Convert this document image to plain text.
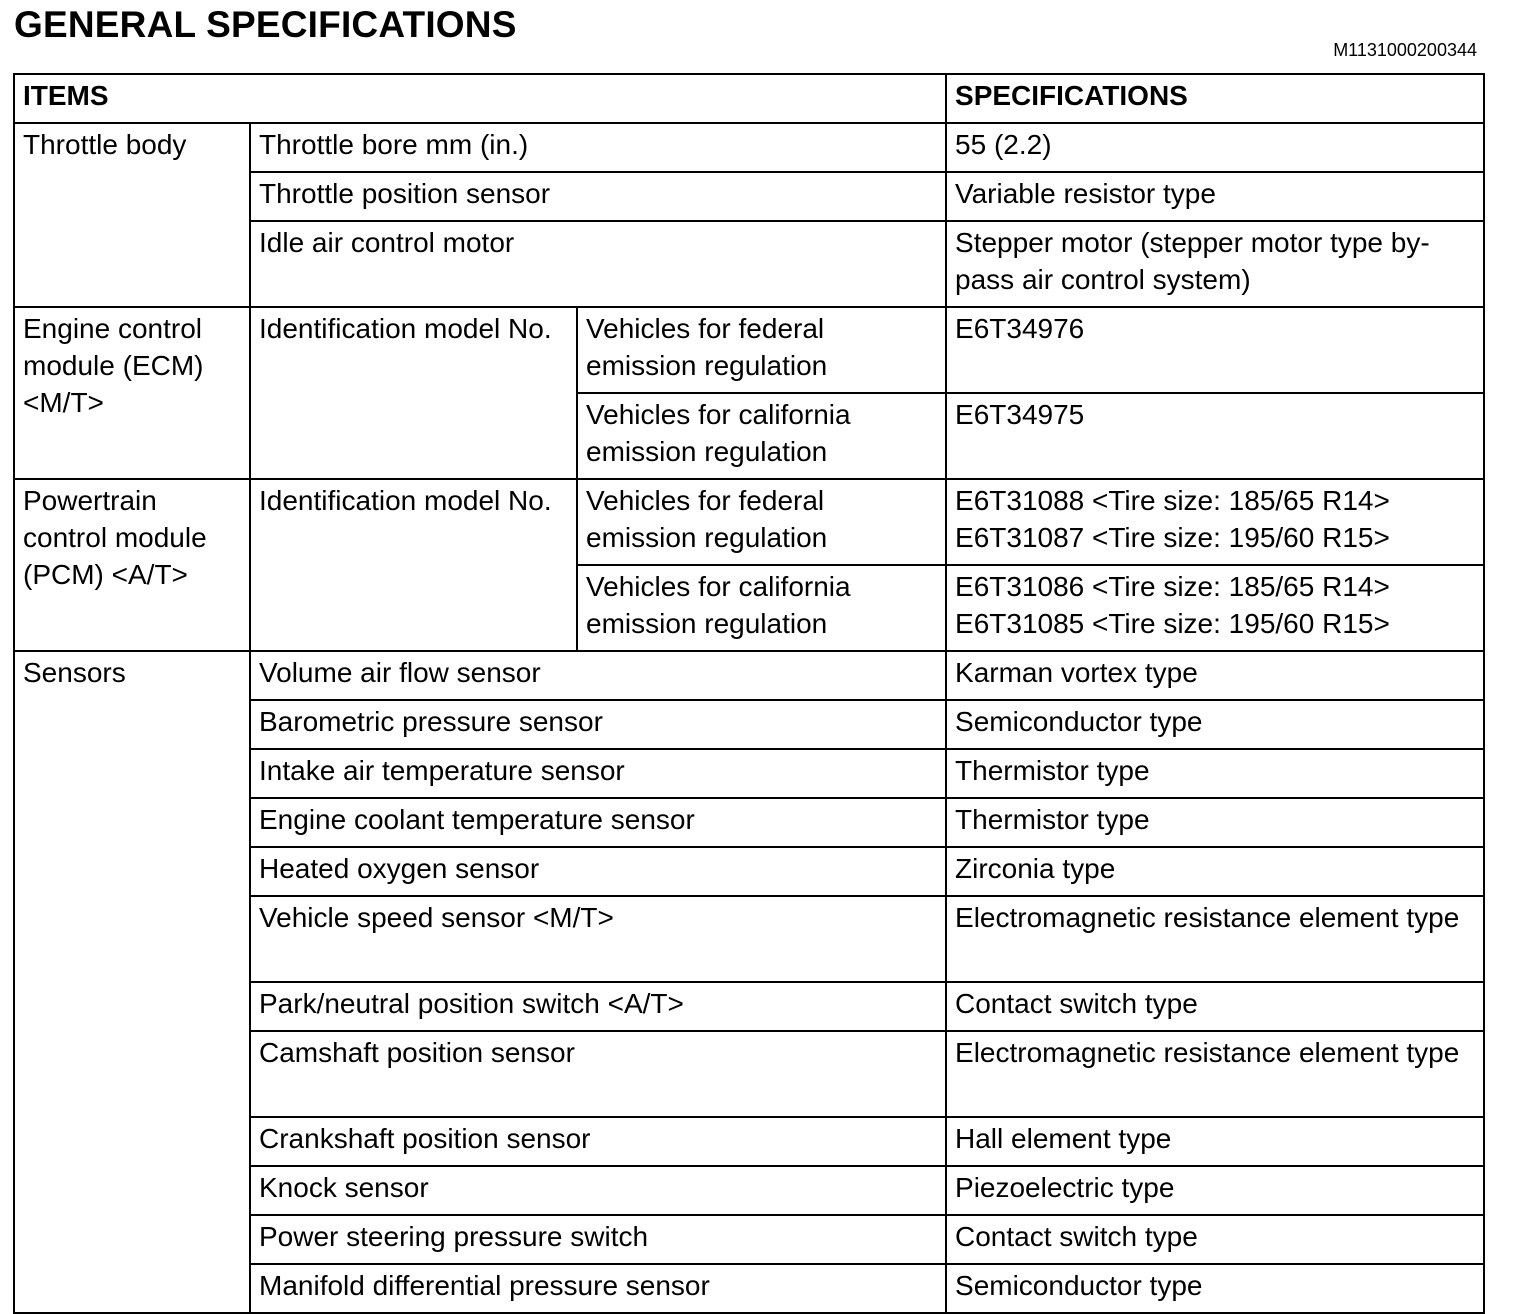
GENERAL SPECIFICATIONS
M1131000200344
ITEMS			SPECIFICATIONS
Throttle body	Throttle bore mm (in.)		55 (2.2)
	Throttle position sensor		Variable resistor type
	Idle air control motor		Stepper motor (stepper motor type by-pass air control system)
Engine control module (ECM) <M/T>	Identification model No.	Vehicles for federal emission regulation	E6T34976
		Vehicles for california emission regulation	E6T34975
Powertrain control module (PCM) <A/T>	Identification model No.	Vehicles for federal emission regulation	E6T31088 <Tire size: 185/65 R14>
E6T31087 <Tire size: 195/60 R15>

		Vehicles for california emission regulation	E6T31086 <Tire size: 185/65 R14>
E6T31085 <Tire size: 195/60 R15>

Sensors	Volume air flow sensor		Karman vortex type
	Barometric pressure sensor		Semiconductor type
	Intake air temperature sensor		Thermistor type
	Engine coolant temperature sensor		Thermistor type
	Heated oxygen sensor		Zirconia type
	Vehicle speed sensor <M/T>		Electromagnetic resistance element type
	Park/neutral position switch <A/T>		Contact switch type
	Camshaft position sensor		Electromagnetic resistance element type
	Crankshaft position sensor		Hall element type
	Knock sensor		Piezoelectric type
	Power steering pressure switch		Contact switch type
	Manifold differential pressure sensor		Semiconductor type
